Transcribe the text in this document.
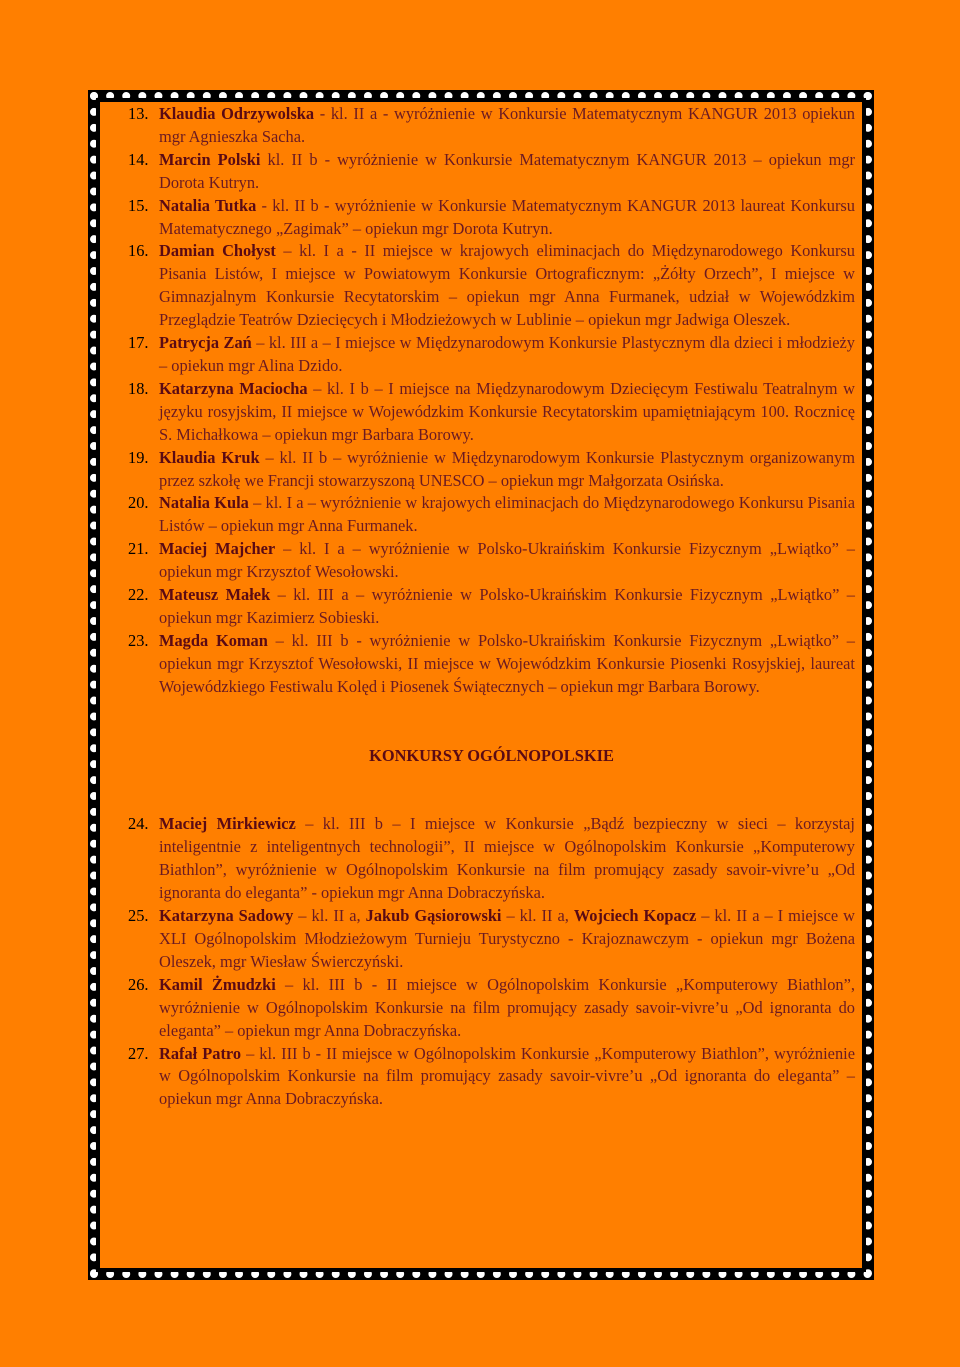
13. Klaudia Odrzywolska - kl. II a - wyróżnienie w Konkursie Matematycznym KANGUR 2013 opiekun mgr Agnieszka Sacha.
14. Marcin Polski kl. II b - wyróżnienie w Konkursie Matematycznym KANGUR 2013 – opiekun mgr Dorota Kutryn.
15. Natalia Tutka - kl. II b - wyróżnienie w Konkursie Matematycznym KANGUR 2013 laureat Konkursu Matematycznego „Zagimak” – opiekun mgr Dorota Kutryn.
16. Damian Chołyst – kl. I a - II miejsce w krajowych eliminacjach do Międzynarodowego Konkursu Pisania Listów, I miejsce w Powiatowym Konkursie Ortograficznym: „Żółty Orzech”, I miejsce w Gimnazjalnym Konkursie Recytatorskim – opiekun mgr Anna Furmanek, udział w Wojewódzkim Przeglądzie Teatrów Dziecięcych i Młodzieżowych w Lublinie – opiekun mgr Jadwiga Oleszek.
17. Patrycja Zań – kl. III a – I miejsce w Międzynarodowym Konkursie Plastycznym dla dzieci i młodzieży – opiekun mgr Alina Dzido.
18. Katarzyna Maciocha – kl. I b – I miejsce na Międzynarodowym Dziecięcym Festiwalu Teatralnym w języku rosyjskim, II miejsce w Wojewódzkim Konkursie Recytatorskim upamiętniającym 100. Rocznicę S. Michałkowa – opiekun mgr Barbara Borowy.
19. Klaudia Kruk – kl. II b – wyróżnienie w Międzynarodowym Konkursie Plastycznym organizowanym przez szkołę we Francji stowarzyszoną UNESCO – opiekun mgr Małgorzata Osińska.
20. Natalia Kula – kl. I a – wyróżnienie w krajowych eliminacjach do Międzynarodowego Konkursu Pisania Listów – opiekun mgr Anna Furmanek.
21. Maciej Majcher – kl. I a – wyróżnienie w Polsko-Ukraińskim Konkursie Fizycznym „Lwiątko” – opiekun mgr Krzysztof Wesołowski.
22. Mateusz Małek – kl. III a – wyróżnienie w Polsko-Ukraińskim Konkursie Fizycznym „Lwiątko” – opiekun mgr Kazimierz Sobieski.
23. Magda Koman – kl. III b - wyróżnienie w Polsko-Ukraińskim Konkursie Fizycznym „Lwiątko” – opiekun mgr Krzysztof Wesołowski, II miejsce w Wojewódzkim Konkursie Piosenki Rosyjskiej, laureat Wojewódzkiego Festiwalu Kolęd i Piosenek Świątecznych – opiekun mgr Barbara Borowy.
KONKURSY OGÓLNOPOLSKIE
24. Maciej Mirkiewicz – kl. III b – I miejsce w Konkursie „Bądź bezpieczny w sieci – korzystaj inteligentnie z inteligentnych technologii”, II miejsce w Ogólnopolskim Konkursie „Komputerowy Biathlon”, wyróżnienie w Ogólnopolskim Konkursie na film promujący zasady savoir-vivre’u „Od ignoranta do eleganta” - opiekun mgr Anna Dobraczyńska.
25. Katarzyna Sadowy – kl. II a, Jakub Gąsiorowski – kl. II a, Wojciech Kopacz – kl. II a – I miejsce w XLI Ogólnopolskim Młodzieżowym Turnieju Turystyczno - Krajoznawczym - opiekun mgr Bożena Oleszek, mgr Wiesław Świerczyński.
26. Kamil Żmudzki – kl. III b - II miejsce w Ogólnopolskim Konkursie „Komputerowy Biathlon”, wyróżnienie w Ogólnopolskim Konkursie na film promujący zasady savoir-vivre’u „Od ignoranta do eleganta” – opiekun mgr Anna Dobraczyńska.
27. Rafał Patro – kl. III b - II miejsce w Ogólnopolskim Konkursie „Komputerowy Biathlon”, wyróżnienie w Ogólnopolskim Konkursie na film promujący zasady savoir-vivre’u „Od ignoranta do eleganta” – opiekun mgr Anna Dobraczyńska.
